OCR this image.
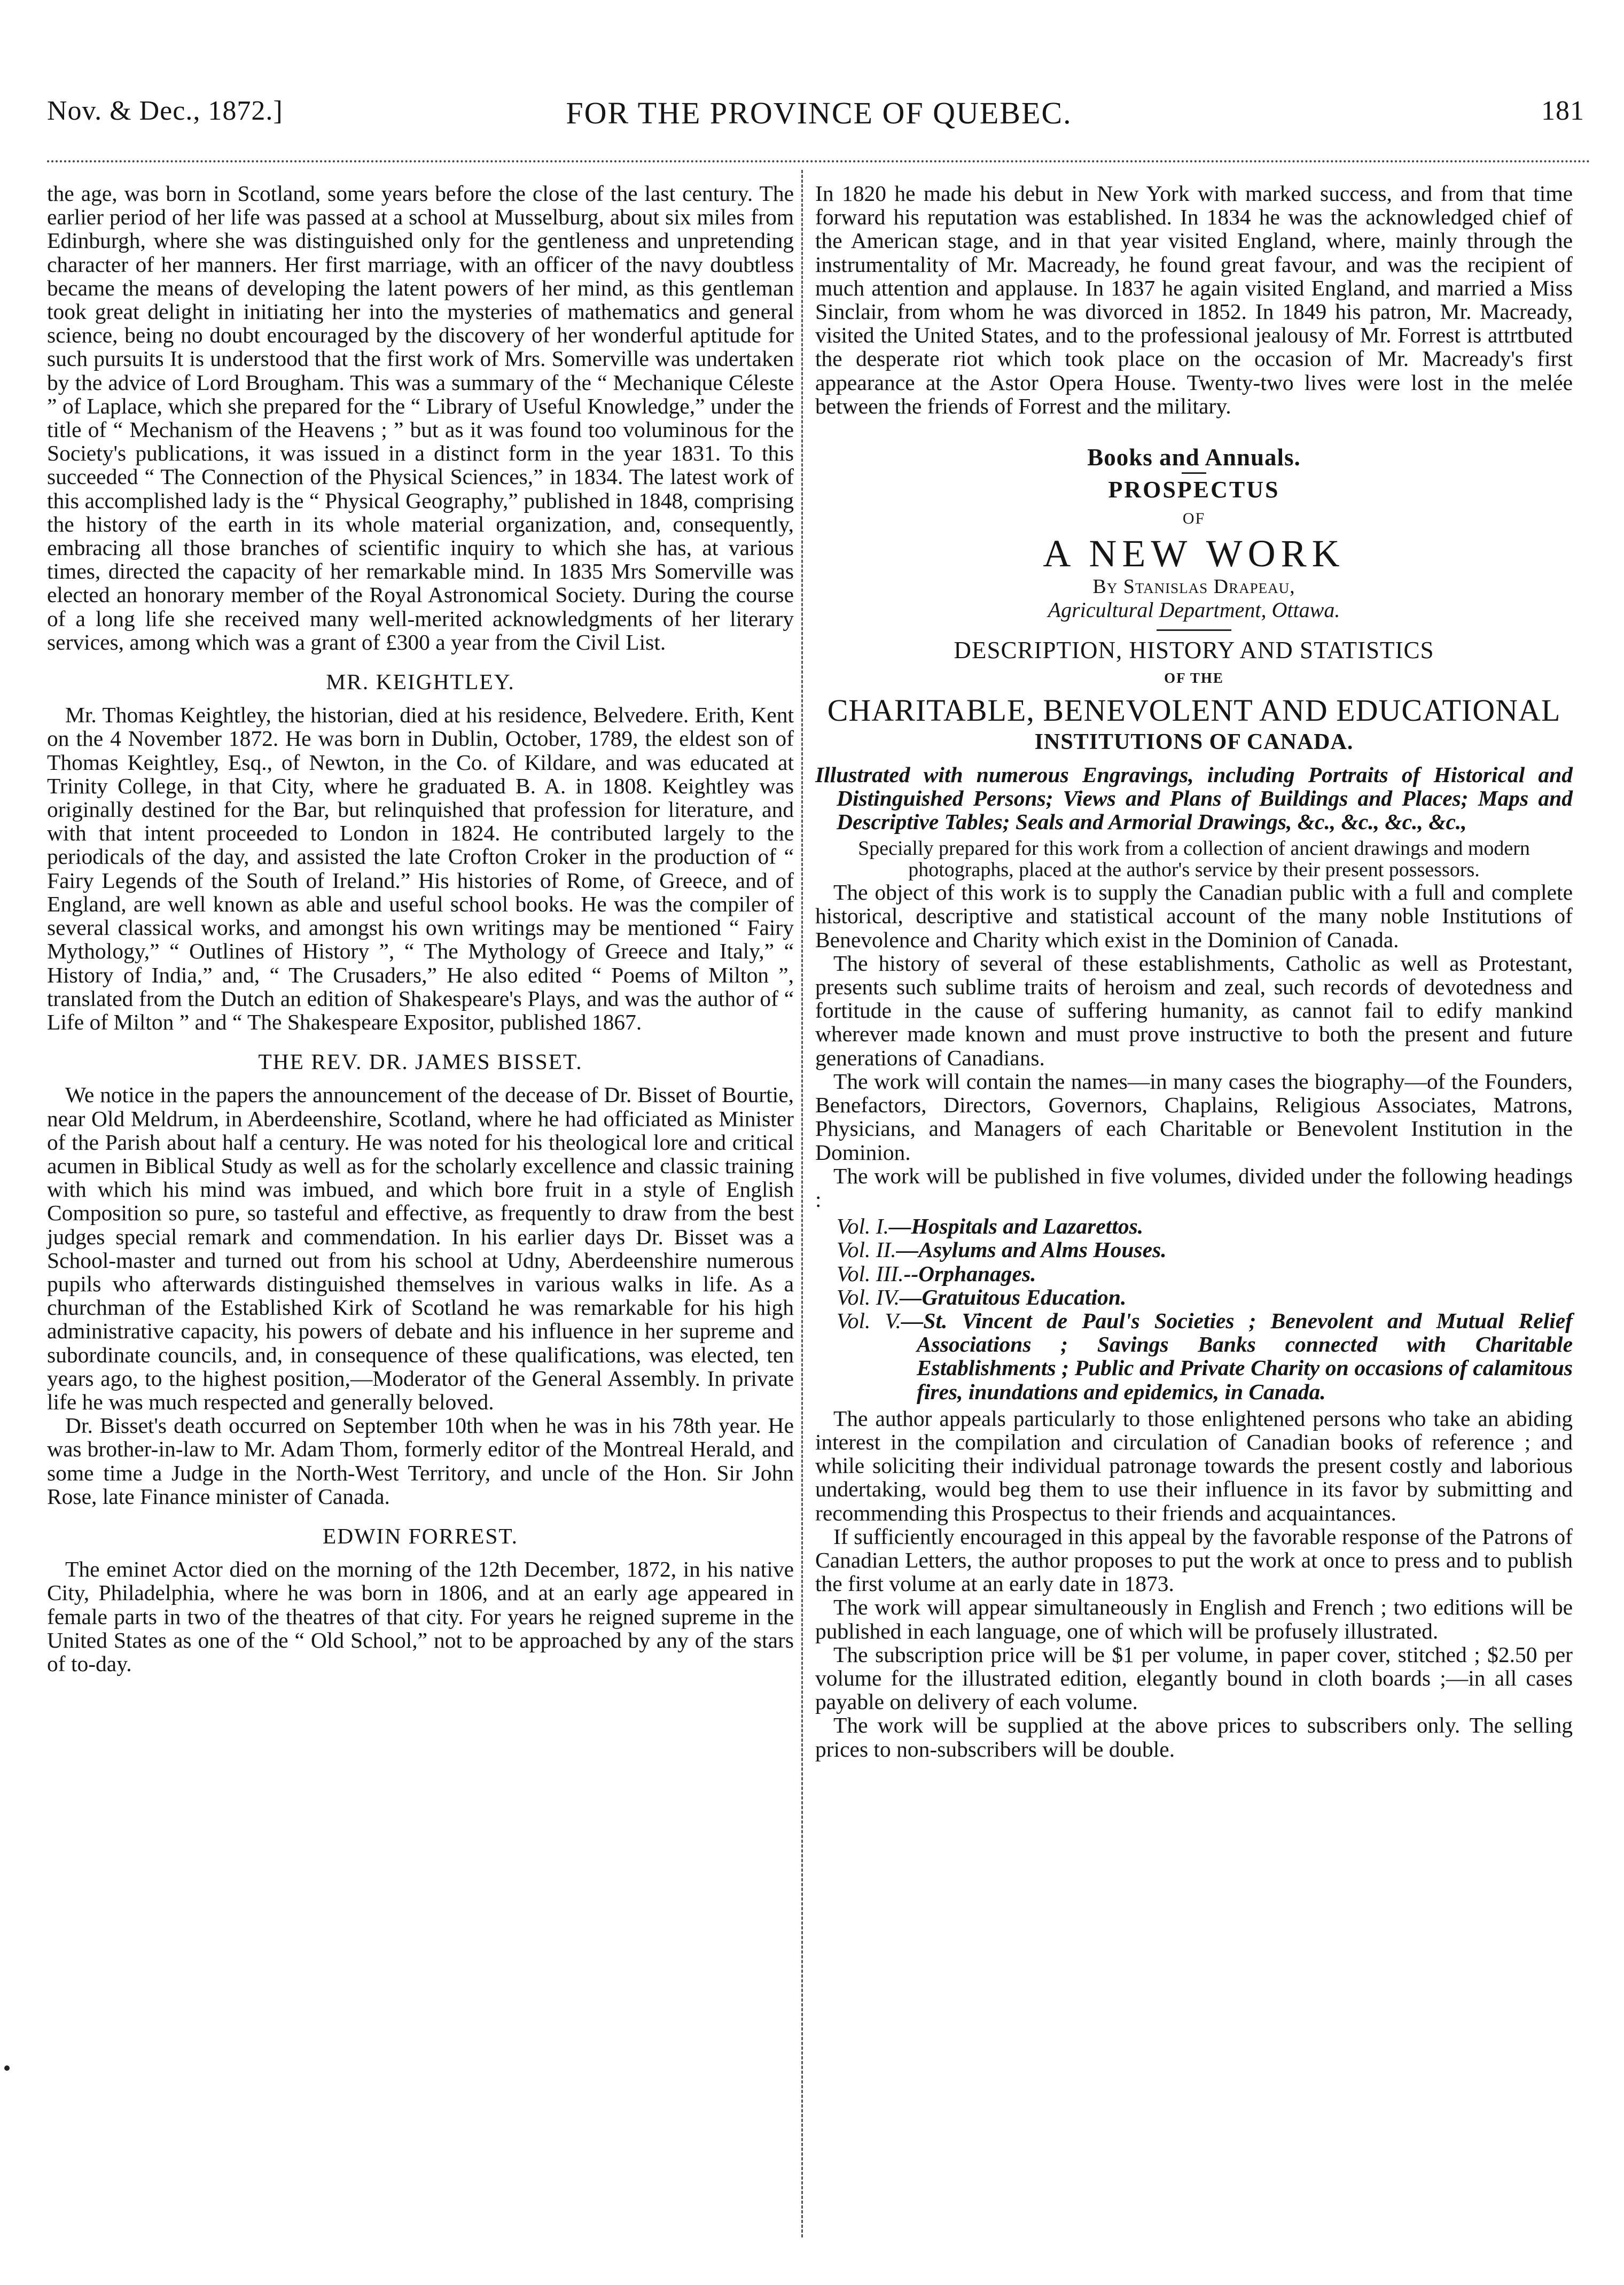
Nov. & Dec., 1872.]	FOR THE PROVINCE OF QUEBEC.	181

the age, was born in Scotland, some years before the close of the last century. The earlier period of her life was passed at a school at Musselburg, about six miles from Edinburgh, where she was distinguished only for the gentleness and unpretending character of her manners. Her first marriage, with an officer of the navy doubtless became the means of developing the latent powers of her mind, as this gentleman took great delight in initiating her into the mysteries of mathematics and general science, being no doubt encouraged by the discovery of her wonderful aptitude for such pursuits It is understood that the first work of Mrs. Somerville was undertaken by the advice of Lord Brougham. This was a summary of the “ Mechanique Céleste ” of Laplace, which she prepared for the “ Library of Useful Knowledge,” under the title of “ Mechanism of the Heavens ; ” but as it was found too voluminous for the Society's publications, it was issued in a distinct form in the year 1831. To this succeeded “ The Connection of the Physical Sciences,” in 1834. The latest work of this accomplished lady is the “ Physical Geography,” published in 1848, comprising the history of the earth in its whole material organization, and, consequently, embracing all those branches of scientific inquiry to which she has, at various times, directed the capacity of her remarkable mind. In 1835 Mrs Somerville was elected an honorary member of the Royal Astronomical Society. During the course of a long life she received many well-merited acknowledgments of her literary services, among which was a grant of £300 a year from the Civil List.

MR. KEIGHTLEY.

Mr. Thomas Keightley, the historian, died at his residence, Belvedere. Erith, Kent on the 4 November 1872. He was born in Dublin, October, 1789, the eldest son of Thomas Keightley, Esq., of Newton, in the Co. of Kildare, and was educated at Trinity College, in that City, where he graduated B. A. in 1808. Keightley was originally destined for the Bar, but relinquished that profession for literature, and with that intent proceeded to London in 1824. He contributed largely to the periodicals of the day, and assisted the late Crofton Croker in the production of “ Fairy Legends of the South of Ireland.” His histories of Rome, of Greece, and of England, are well known as able and useful school books. He was the compiler of several classical works, and amongst his own writings may be mentioned “ Fairy Mythology,” “ Outlines of History ”, “ The Mythology of Greece and Italy,” “ History of India,” and, “ The Crusaders,” He also edited “ Poems of Milton ”, translated from the Dutch an edition of Shakespeare's Plays, and was the author of “ Life of Milton ” and “ The Shakespeare Expositor, published 1867.

THE REV. DR. JAMES BISSET.

We notice in the papers the announcement of the decease of Dr. Bisset of Bourtie, near Old Meldrum, in Aberdeenshire, Scotland, where he had officiated as Minister of the Parish about half a century. He was noted for his theological lore and critical acumen in Biblical Study as well as for the scholarly excellence and classic training with which his mind was imbued, and which bore fruit in a style of English Composition so pure, so tasteful and effective, as frequently to draw from the best judges special remark and commendation. In his earlier days Dr. Bisset was a School-master and turned out from his school at Udny, Aberdeenshire numerous pupils who afterwards distinguished themselves in various walks in life. As a churchman of the Established Kirk of Scotland he was remarkable for his high administrative capacity, his powers of debate and his influence in her supreme and subordinate councils, and, in consequence of these qualifications, was elected, ten years ago, to the highest position,—Moderator of the General Assembly. In private life he was much respected and generally beloved.

Dr. Bisset's death occurred on September 10th when he was in his 78th year. He was brother-in-law to Mr. Adam Thom, formerly editor of the Montreal Herald, and some time a Judge in the North-West Territory, and uncle of the Hon. Sir John Rose, late Finance minister of Canada.

EDWIN FORREST.

The eminet Actor died on the morning of the 12th December, 1872, in his native City, Philadelphia, where he was born in 1806, and at an early age appeared in female parts in two of the theatres of that city. For years he reigned supreme in the United States as one of the “ Old School,” not to be approached by any of the stars of to-day.

In 1820 he made his debut in New York with marked success, and from that time forward his reputation was established. In 1834 he was the acknowledged chief of the American stage, and in that year visited England, where, mainly through the instrumentality of Mr. Macready, he found great favour, and was the recipient of much attention and applause. In 1837 he again visited England, and married a Miss Sinclair, from whom he was divorced in 1852. In 1849 his patron, Mr. Macready, visited the United States, and to the professional jealousy of Mr. Forrest is attrtbuted the desperate riot which took place on the occasion of Mr. Macready's first appearance at the Astor Opera House. Twenty-two lives were lost in the melée between the friends of Forrest and the military.

Books and Annuals.
PROSPECTUS
OF
A NEW WORK
By Stanislas Drapeau,
Agricultural Department, Ottawa.
DESCRIPTION, HISTORY AND STATISTICS
OF THE
CHARITABLE, BENEVOLENT AND EDUCATIONAL
INSTITUTIONS OF CANADA.
Illustrated with numerous Engravings, including Portraits of Historical and Distinguished Persons; Views and Plans of Buildings and Places; Maps and Descriptive Tables; Seals and Armorial Drawings, &c., &c., &c., &c.,
Specially prepared for this work from a collection of ancient drawings and modern photographs, placed at the author's service by their present possessors.

The object of this work is to supply the Canadian public with a full and complete historical, descriptive and statistical account of the many noble Institutions of Benevolence and Charity which exist in the Dominion of Canada.

The history of several of these establishments, Catholic as well as Protestant, presents such sublime traits of heroism and zeal, such records of devotedness and fortitude in the cause of suffering humanity, as cannot fail to edify mankind wherever made known and must prove instructive to both the present and future generations of Canadians.

The work will contain the names—in many cases the biography—of the Founders, Benefactors, Directors, Governors, Chaplains, Religious Associates, Matrons, Physicians, and Managers of each Charitable or Benevolent Institution in the Dominion.

The work will be published in five volumes, divided under the following headings :

Vol. I.—Hospitals and Lazarettos.
Vol. II.—Asylums and Alms Houses.
Vol. III.--Orphanages.
Vol. IV.—Gratuitous Education.
Vol. V.—St. Vincent de Paul's Societies ; Benevolent and Mutual Relief Associations ; Savings Banks connected with Charitable Establishments ; Public and Private Charity on occasions of calamitous fires, inundations and epidemics, in Canada.

The author appeals particularly to those enlightened persons who take an abiding interest in the compilation and circulation of Canadian books of reference ; and while soliciting their individual patronage towards the present costly and laborious undertaking, would beg them to use their influence in its favor by submitting and recommending this Prospectus to their friends and acquaintances.

If sufficiently encouraged in this appeal by the favorable response of the Patrons of Canadian Letters, the author proposes to put the work at once to press and to publish the first volume at an early date in 1873.

The work will appear simultaneously in English and French ; two editions will be published in each language, one of which will be profusely illustrated.

The subscription price will be $1 per volume, in paper cover, stitched ; $2.50 per volume for the illustrated edition, elegantly bound in cloth boards ;—in all cases payable on delivery of each volume.

The work will be supplied at the above prices to subscribers only. The selling prices to non-subscribers will be double.
